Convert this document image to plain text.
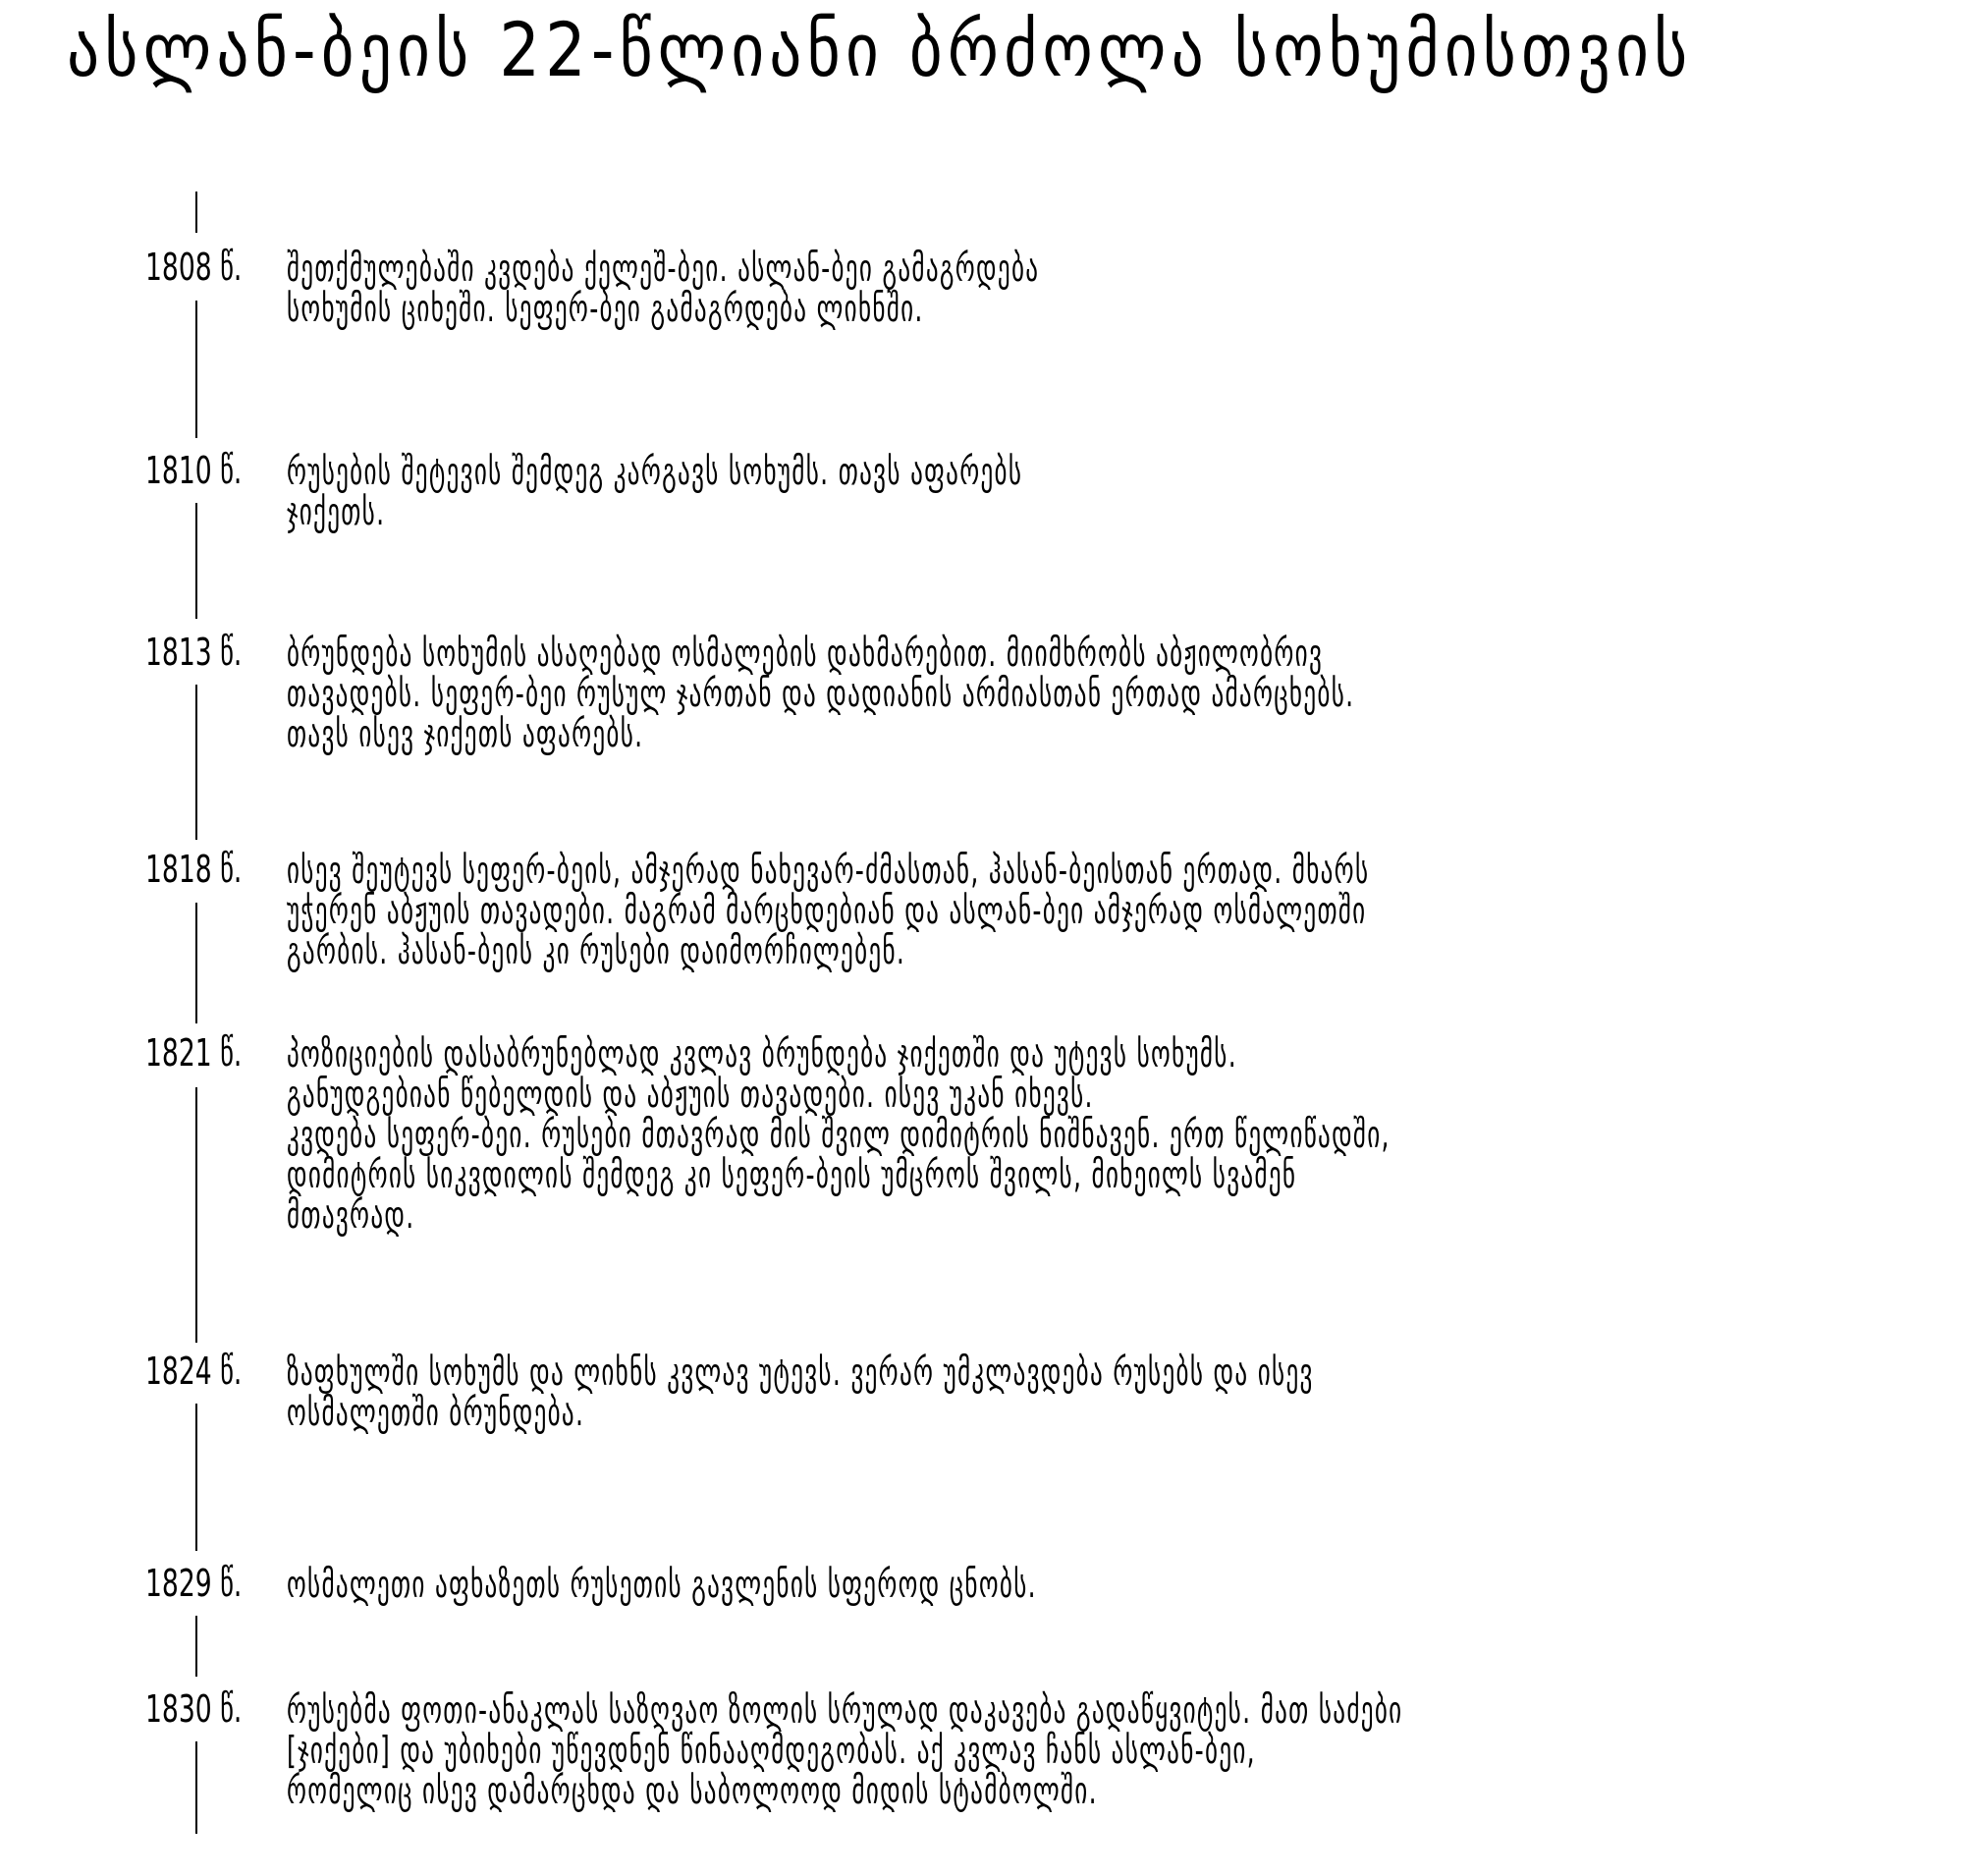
ასლან-ბეის 22-წლიანი ბრძოლა სოხუმისთვის
1808 წ. შეთქმულებაში კვდება ქელეშ-ბეი. ასლან-ბეი გამაგრდება
სოხუმის ციხეში. სეფერ-ბეი გამაგრდება ლიხნში.
1810 წ. რუსების შეტევის შემდეგ კარგავს სოხუმს. თავს აფარებს
ჯიქეთს.
1813 წ. ბრუნდება სოხუმის ასაღებად ოსმალების დახმარებით. მიიმხრობს აბჟილობრივ
თავადებს. სეფერ-ბეი რუსულ ჯართან და დადიანის არმიასთან ერთად ამარცხებს.
თავს ისევ ჯიქეთს აფარებს.
1818 წ. ისევ შეუტევს სეფერ-ბეის, ამჯერად ნახევარ-ძმასთან, ჰასან-ბეისთან ერთად. მხარს
უჭერენ აბჟუის თავადები. მაგრამ მარცხდებიან და ასლან-ბეი ამჯერად ოსმალეთში
გარბის. ჰასან-ბეის კი რუსები დაიმორჩილებენ.
1821 წ. პოზიციების დასაბრუნებლად კვლავ ბრუნდება ჯიქეთში და უტევს სოხუმს.
განუდგებიან წებელდის და აბჟუის თავადები. ისევ უკან იხევს.
კვდება სეფერ-ბეი. რუსები მთავრად მის შვილ დიმიტრის ნიშნავენ. ერთ წელიწადში,
დიმიტრის სიკვდილის შემდეგ კი სეფერ-ბეის უმცროს შვილს, მიხეილს სვამენ
მთავრად.
1824 წ. ზაფხულში სოხუმს და ლიხნს კვლავ უტევს. ვერარ უმკლავდება რუსებს და ისევ
ოსმალეთში ბრუნდება.
1829 წ. ოსმალეთი აფხაზეთს რუსეთის გავლენის სფეროდ ცნობს.
1830 წ. რუსებმა ფოთი-ანაკლას საზღვაო ზოლის სრულად დაკავება გადაწყვიტეს. მათ საძები
[ჯიქები] და უბიხები უწევდნენ წინააღმდეგობას. აქ კვლავ ჩანს ასლან-ბეი,
რომელიც ისევ დამარცხდა და საბოლოოდ მიდის სტამბოლში.
